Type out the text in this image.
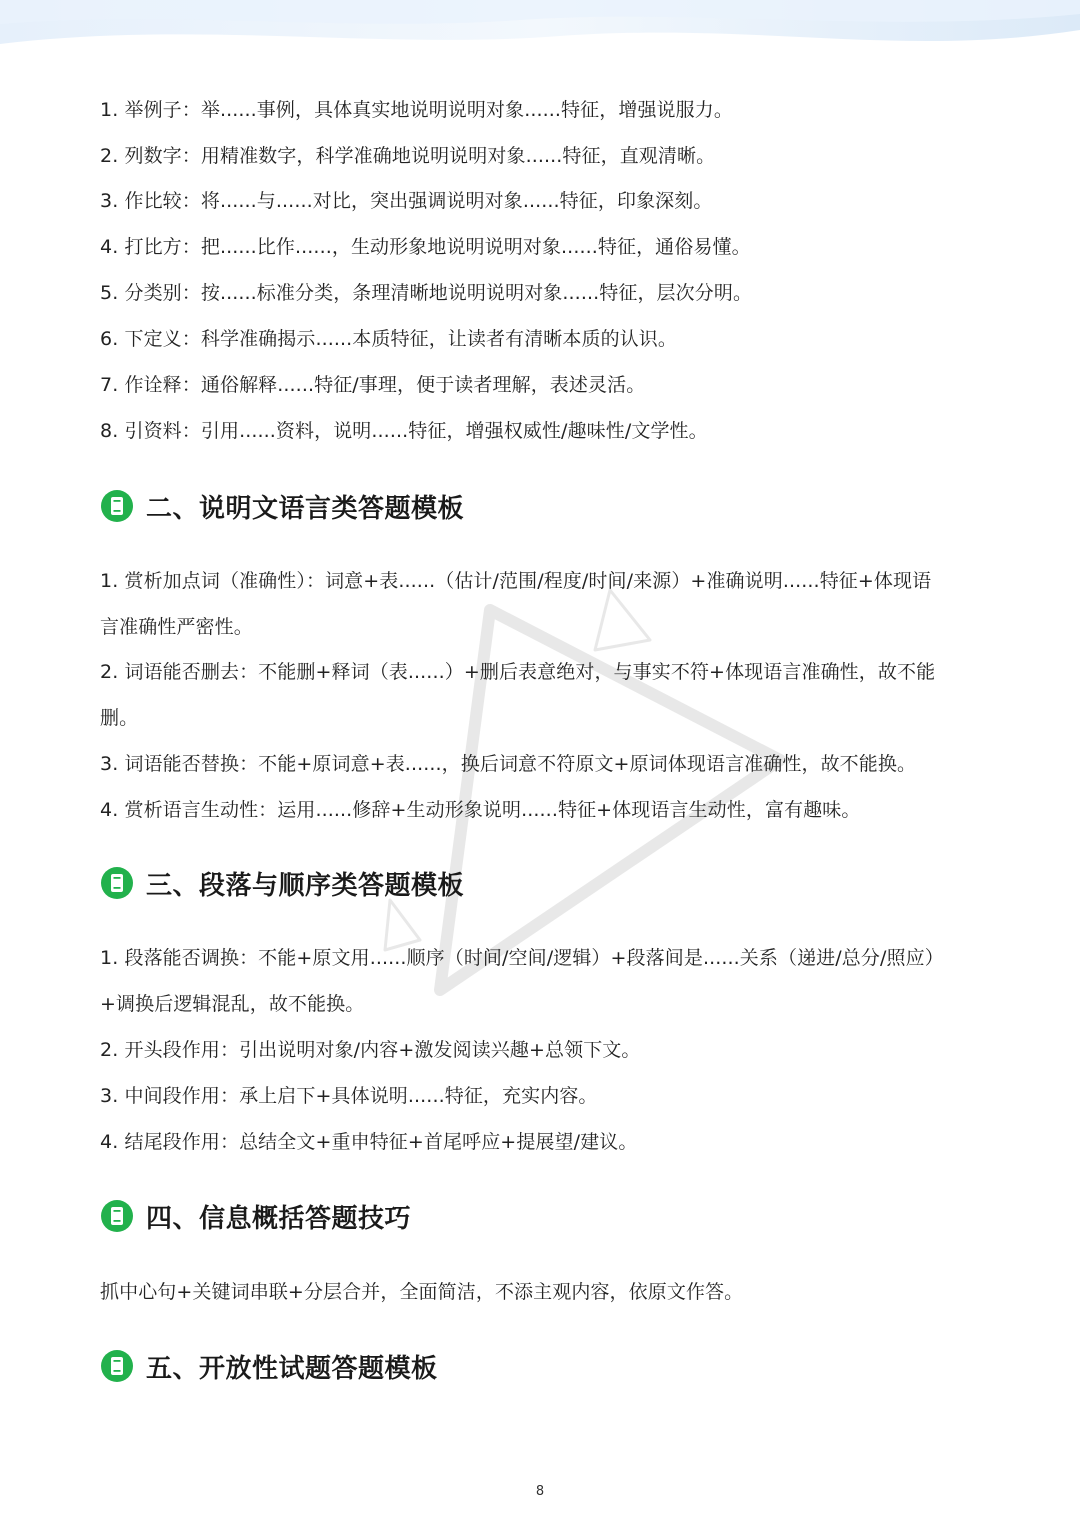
1. 举例子：举......事例，具体真实地说明说明对象......特征，增强说服力。
2. 列数字：用精准数字，科学准确地说明说明对象......特征，直观清晰。
3. 作比较：将......与......对比，突出强调说明对象......特征，印象深刻。
4. 打比方：把......比作......，生动形象地说明说明对象......特征，通俗易懂。
5. 分类别：按......标准分类，条理清晰地说明说明对象......特征，层次分明。
6. 下定义：科学准确揭示......本质特征，让读者有清晰本质的认识。
7. 作诠释：通俗解释......特征/事理，便于读者理解，表述灵活。
8. 引资料：引用......资料，说明......特征，增强权威性/趣味性/文学性。
二、说明文语言类答题模板
1. 赏析加点词（准确性）：词意+表......（估计/范围/程度/时间/来源）+准确说明......特征+体现语
言准确性严密性。
2. 词语能否删去：不能删+释词（表......）+删后表意绝对，与事实不符+体现语言准确性，故不能
删。
3. 词语能否替换：不能+原词意+表......，换后词意不符原文+原词体现语言准确性，故不能换。
4. 赏析语言生动性：运用......修辞+生动形象说明......特征+体现语言生动性，富有趣味。
三、段落与顺序类答题模板
1. 段落能否调换：不能+原文用......顺序（时间/空间/逻辑）+段落间是......关系（递进/总分/照应）
+调换后逻辑混乱，故不能换。
2. 开头段作用：引出说明对象/内容+激发阅读兴趣+总领下文。
3. 中间段作用：承上启下+具体说明......特征，充实内容。
4. 结尾段作用：总结全文+重申特征+首尾呼应+提展望/建议。
四、信息概括答题技巧
抓中心句+关键词串联+分层合并，全面简洁，不添主观内容，依原文作答。
五、开放性试题答题模板
8
